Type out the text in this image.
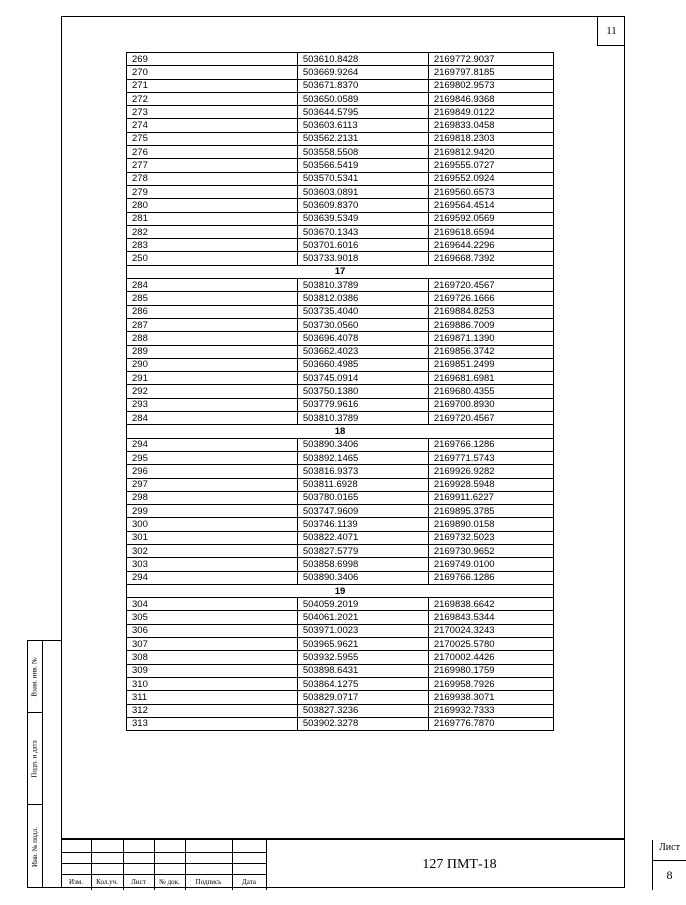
11
Взам. инв. №
Подп. и дата
Инв. № подл.
269	503610.8428	2169772.9037
270	503669.9264	2169797.8185
271	503671.8370	2169802.9573
272	503650.0589	2169846.9368
273	503644.5795	2169849.0122
274	503603.6113	2169833.0458
275	503562.2131	2169818.2303
276	503558.5508	2169812.9420
277	503566.5419	2169555.0727
278	503570.5341	2169552.0924
279	503603.0891	2169560.6573
280	503609.8370	2169564.4514
281	503639.5349	2169592.0569
282	503670.1343	2169618.6594
283	503701.6016	2169644.2296
250	503733.9018	2169668.7392
17		
284	503810.3789	2169720.4567
285	503812.0386	2169726.1666
286	503735.4040	2169884.8253
287	503730.0560	2169886.7009
288	503696.4078	2169871.1390
289	503662.4023	2169856.3742
290	503660.4985	2169851.2499
291	503745.0914	2169681.6981
292	503750.1380	2169680.4355
293	503779.9616	2169700.8930
284	503810.3789	2169720.4567
18		
294	503890.3406	2169766.1286
295	503892.1465	2169771.5743
296	503816.9373	2169926.9282
297	503811.6928	2169928.5948
298	503780.0165	2169911.6227
299	503747.9609	2169895.3785
300	503746.1139	2169890.0158
301	503822.4071	2169732.5023
302	503827.5779	2169730.9652
303	503858.6998	2169749.0100
294	503890.3406	2169766.1286
19		
304	504059.2019	2169838.6642
305	504061.2021	2169843.5344
306	503971.0023	2170024.3243
307	503965.9621	2170025.5780
308	503932.5955	2170002.4426
309	503898.6431	2169980.1759
310	503864.1275	2169958.7926
311	503829.0717	2169938.3071
312	503827.3236	2169932.7333
313	503902.3278	2169776.7870
Изм.	Кол.уч.	Лист	№ док.	Подпись	Дата
127 ПМТ-18
Лист
8
